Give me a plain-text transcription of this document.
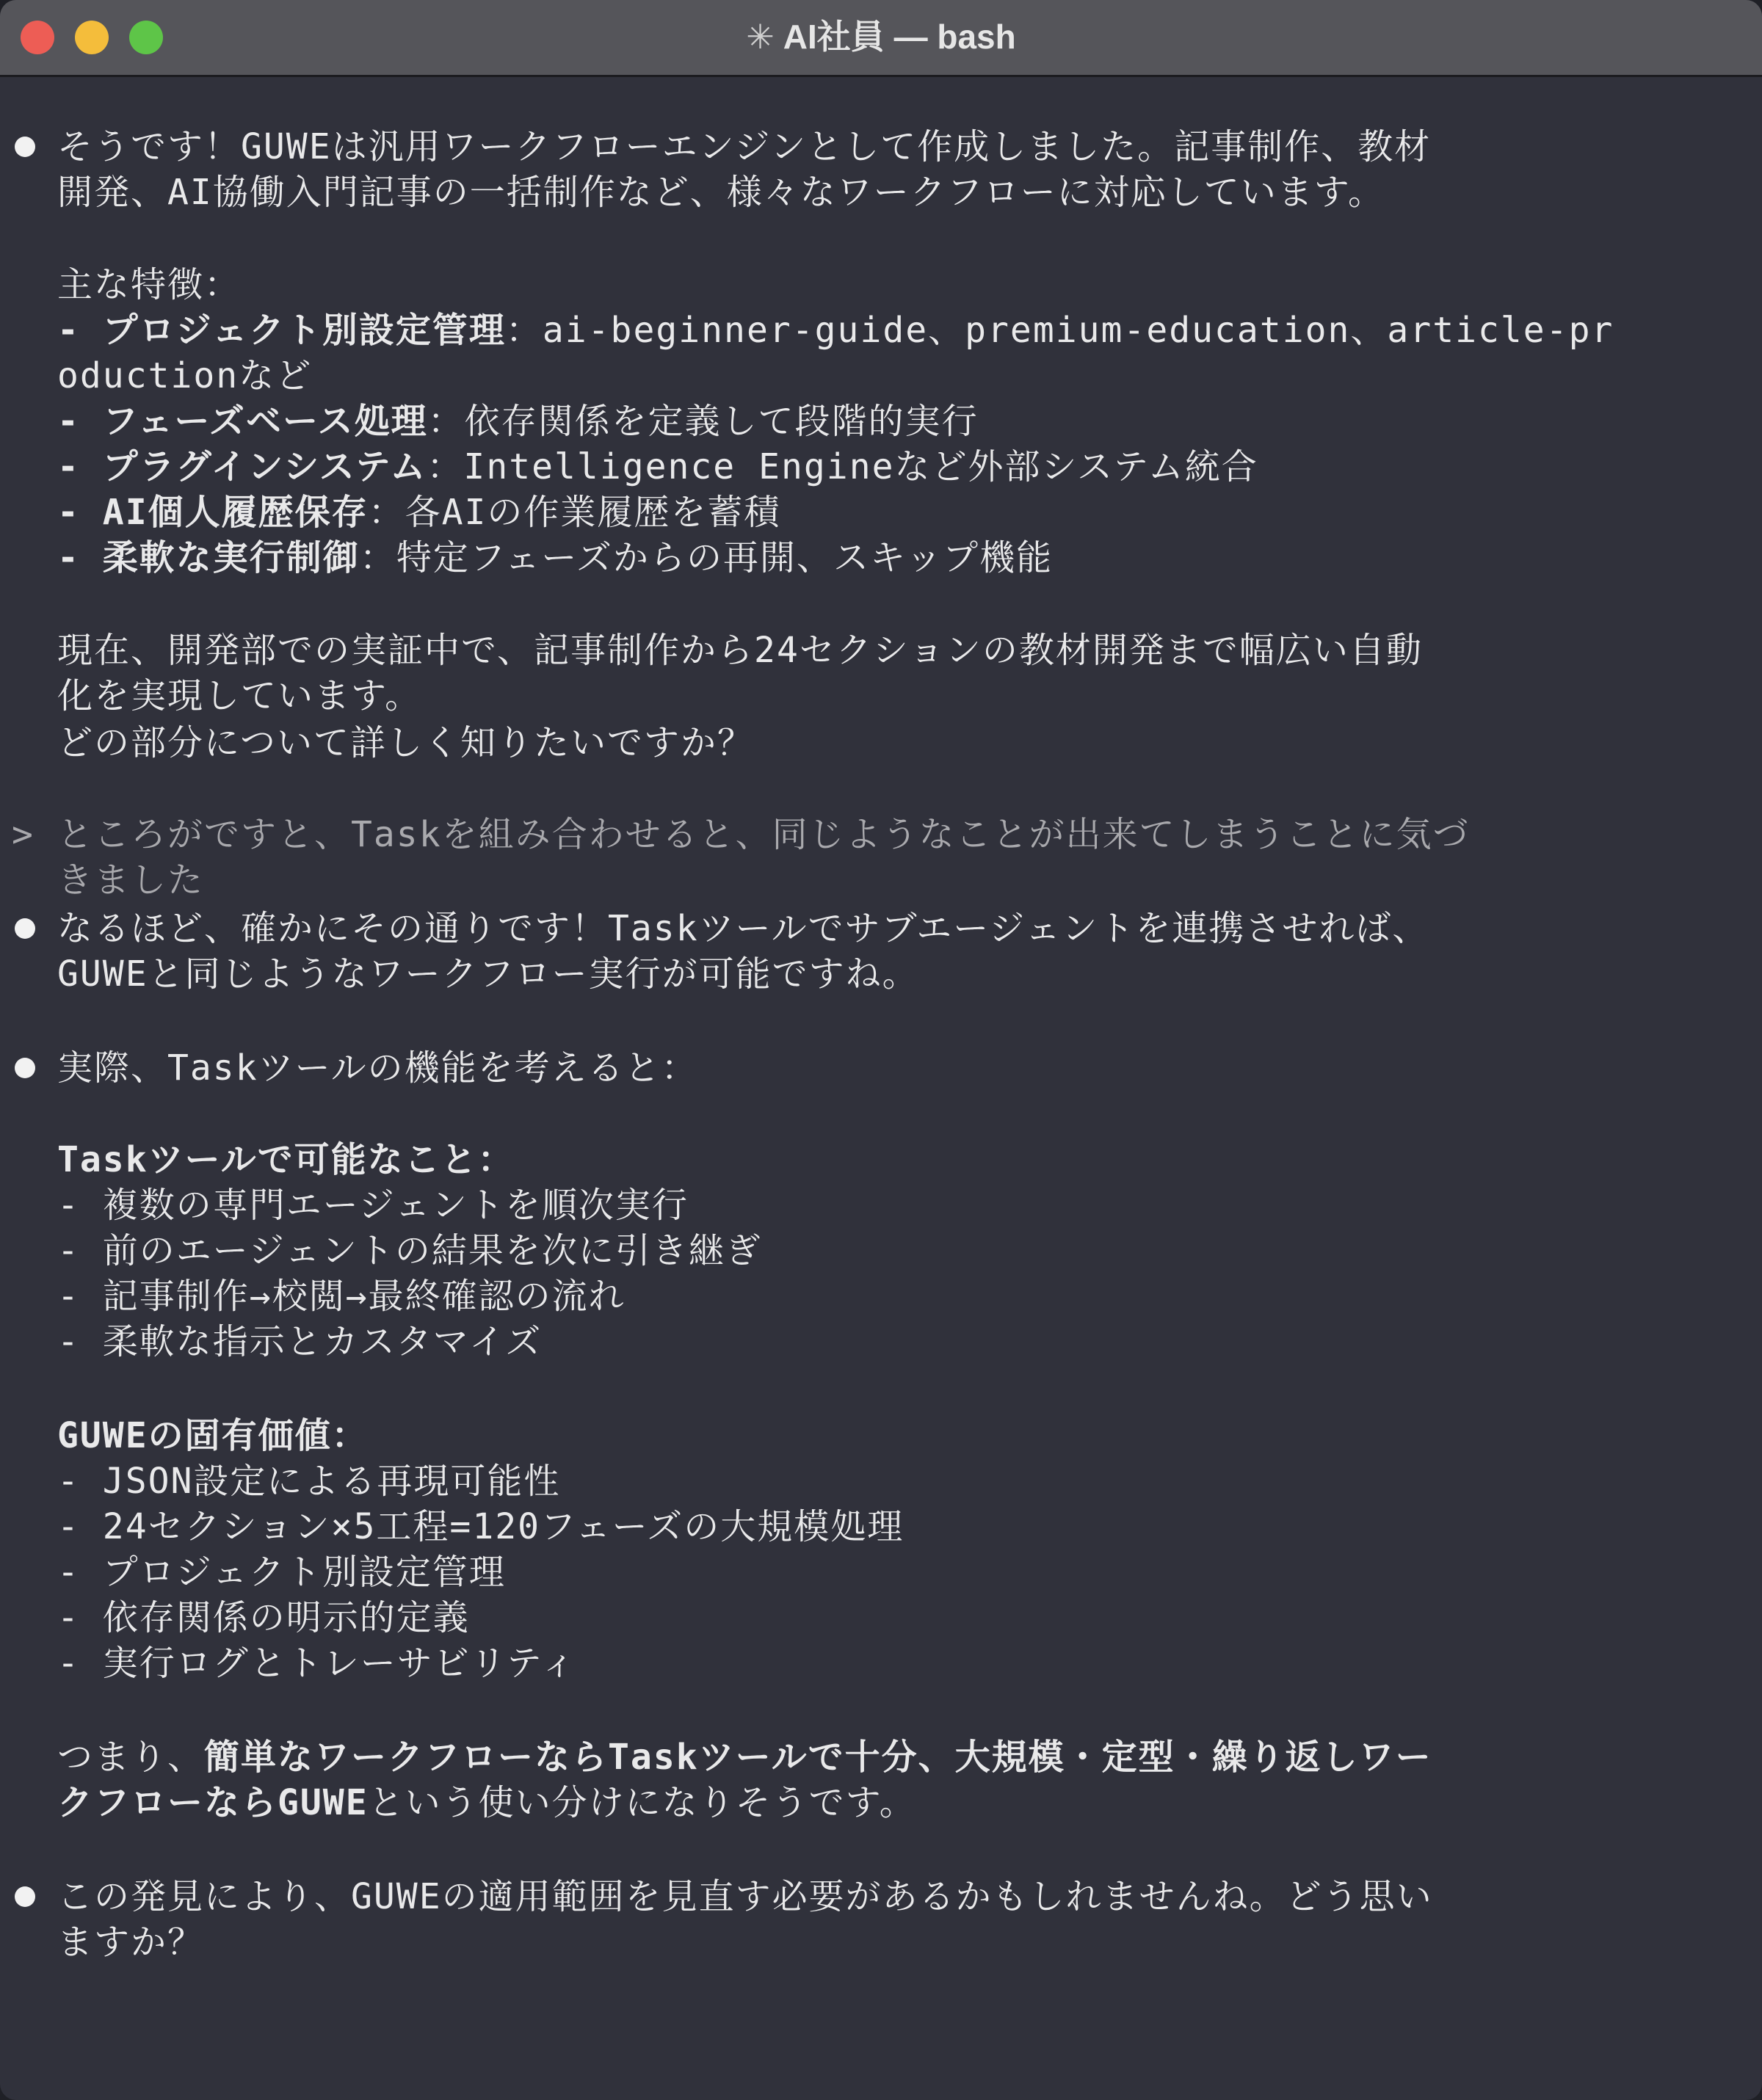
✳ AI社員 — bash
そうです！GUWEは汎用ワークフローエンジンとして作成しました。記事制作、教材
開発、AI協働入門記事の一括制作など、様々なワークフローに対応しています。
主な特徴：
- プロジェクト別設定管理：ai-beginner-guide、premium-education、article-pr
oductionなど
- フェーズベース処理：依存関係を定義して段階的実行
- プラグインシステム：Intelligence Engineなど外部システム統合
- AI個人履歴保存：各AIの作業履歴を蓄積
- 柔軟な実行制御：特定フェーズからの再開、スキップ機能
現在、開発部での実証中で、記事制作から24セクションの教材開発まで幅広い自動
化を実現しています。
どの部分について詳しく知りたいですか？
> ところがですと、Taskを組み合わせると、同じようなことが出来てしまうことに気づ
きました
なるほど、確かにその通りです！Taskツールでサブエージェントを連携させれば、
GUWEと同じようなワークフロー実行が可能ですね。
実際、Taskツールの機能を考えると：
Taskツールで可能なこと：
- 複数の専門エージェントを順次実行
- 前のエージェントの結果を次に引き継ぎ
- 記事制作→校閲→最終確認の流れ
- 柔軟な指示とカスタマイズ
GUWEの固有価値：
- JSON設定による再現可能性
- 24セクション×5工程=120フェーズの大規模処理
- プロジェクト別設定管理
- 依存関係の明示的定義
- 実行ログとトレーサビリティ
つまり、簡単なワークフローならTaskツールで十分、大規模・定型・繰り返しワー
クフローならGUWEという使い分けになりそうです。
この発見により、GUWEの適用範囲を見直す必要があるかもしれませんね。どう思い
ますか？
